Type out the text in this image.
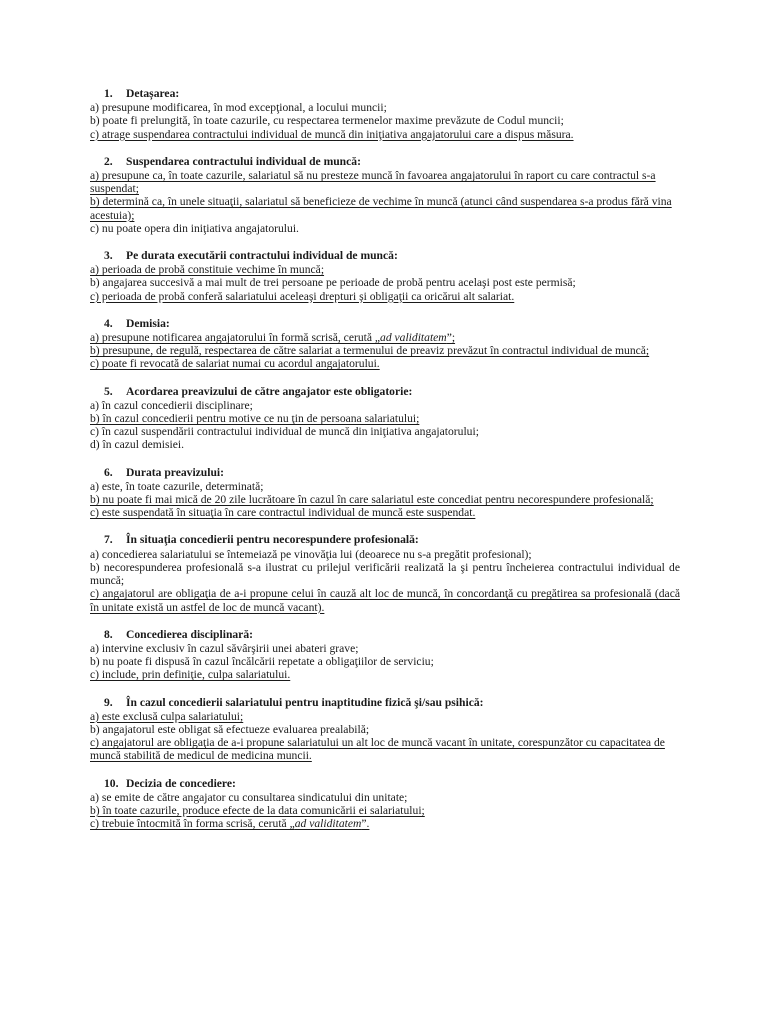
1. Detașarea:
a) presupune modificarea, în mod excepţional, a locului muncii;
b) poate fi prelungită, în toate cazurile, cu respectarea termenelor maxime prevăzute de Codul muncii;
c) atrage suspendarea contractului individual de muncă din iniţiativa angajatorului care a dispus măsura.
2. Suspendarea contractului individual de muncă:
a) presupune ca, în toate cazurile, salariatul să nu presteze muncă în favoarea angajatorului în raport cu care contractul s-a suspendat;
b) determină ca, în unele situaţii, salariatul să beneficieze de vechime în muncă (atunci când suspendarea s-a produs fără vina acestuia);
c) nu poate opera din iniţiativa angajatorului.
3. Pe durata executării contractului individual de muncă:
a) perioada de probă constituie vechime în muncă;
b) angajarea succesivă a mai mult de trei persoane pe perioade de probă pentru acelaşi post este permisă;
c) perioada de probă conferă salariatului aceleaşi drepturi şi obligaţii ca oricărui alt salariat.
4. Demisia:
a) presupune notificarea angajatorului în formă scrisă, cerută „ad validitatem”;
b) presupune, de regulă, respectarea de către salariat a termenului de preaviz prevăzut în contractul individual de muncă;
c) poate fi revocată de salariat numai cu acordul angajatorului.
5. Acordarea preavizului de către angajator este obligatorie:
a) în cazul concedierii disciplinare;
b) în cazul concedierii pentru motive ce nu ţin de persoana salariatului;
c) în cazul suspendării contractului individual de muncă din iniţiativa angajatorului;
d) în cazul demisiei.
6. Durata preavizului:
a) este, în toate cazurile, determinată;
b) nu poate fi mai mică de 20 zile lucrătoare în cazul în care salariatul este concediat pentru necorespundere profesională;
c) este suspendată în situaţia în care contractul individual de muncă este suspendat.
7. În situaţia concedierii pentru necorespundere profesională:
a) concedierea salariatului se întemeiază pe vinovăţia lui (deoarece nu s-a pregătit profesional);
b) necorespunderea profesională s-a ilustrat cu prilejul verificării realizată la şi pentru încheierea contractului individual de muncă;
c) angajatorul are obligaţia de a-i propune celui în cauză alt loc de muncă, în concordanţă cu pregătirea sa profesională (dacă în unitate există un astfel de loc de muncă vacant).
8. Concedierea disciplinară:
a) intervine exclusiv în cazul săvârşirii unei abateri grave;
b) nu poate fi dispusă în cazul încălcării repetate a obligaţiilor de serviciu;
c) include, prin definiţie, culpa salariatului.
9. În cazul concedierii salariatului pentru inaptitudine fizică şi/sau psihică:
a) este exclusă culpa salariatului;
b) angajatorul este obligat să efectueze evaluarea prealabilă;
c) angajatorul are obligaţia de a-i propune salariatului un alt loc de muncă vacant în unitate, corespunzător cu capacitatea de muncă stabilită de medicul de medicina muncii.
10. Decizia de concediere:
a) se emite de către angajator cu consultarea sindicatului din unitate;
b) în toate cazurile, produce efecte de la data comunicării ei salariatului;
c) trebuie întocmită în forma scrisă, cerută „ad validitatem”.
